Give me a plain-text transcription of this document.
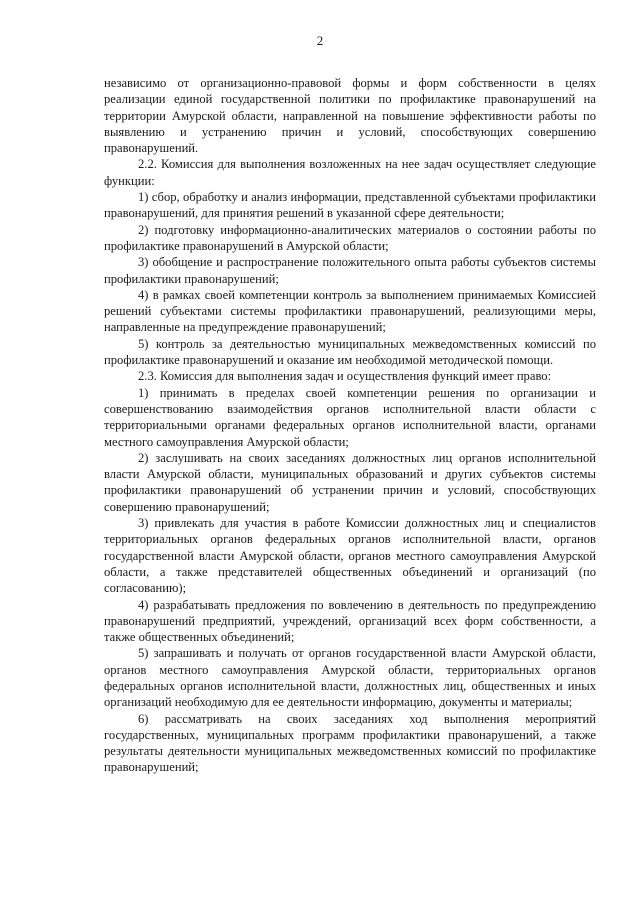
2

независимо от организационно-правовой формы и форм собственности в целях реализации единой государственной политики по профилактике правонарушений на территории Амурской области, направленной на повышение эффективности работы по выявлению и устранению причин и условий, способствующих совершению правонарушений.

2.2. Комиссия для выполнения возложенных на нее задач осуществляет следующие функции:

1) сбор, обработку и анализ информации, представленной субъектами профилактики правонарушений, для принятия решений в указанной сфере деятельности;

2) подготовку информационно-аналитических материалов о состоянии работы по профилактике правонарушений в Амурской области;

3) обобщение и распространение положительного опыта работы субъектов системы профилактики правонарушений;

4) в рамках своей компетенции контроль за выполнением принимаемых Комиссией решений субъектами системы профилактики правонарушений, реализующими меры, направленные на предупреждение правонарушений;

5) контроль за деятельностью муниципальных межведомственных комиссий по профилактике правонарушений и оказание им необходимой методической помощи.

2.3. Комиссия для выполнения задач и осуществления функций имеет право:

1) принимать в пределах своей компетенции решения по организации и совершенствованию взаимодействия органов исполнительной власти области с территориальными органами федеральных органов исполнительной власти, органами местного самоуправления Амурской области;

2) заслушивать на своих заседаниях должностных лиц органов исполнительной власти Амурской области, муниципальных образований и других субъектов системы профилактики правонарушений об устранении причин и условий, способствующих совершению правонарушений;

3) привлекать для участия в работе Комиссии должностных лиц и специалистов территориальных органов федеральных органов исполнительной власти, органов государственной власти Амурской области, органов местного самоуправления Амурской области, а также представителей общественных объединений и организаций (по согласованию);

4) разрабатывать предложения по вовлечению в деятельность по предупреждению правонарушений предприятий, учреждений, организаций всех форм собственности, а также общественных объединений;

5) запрашивать и получать от органов государственной власти Амурской области, органов местного самоуправления Амурской области, территориальных органов федеральных органов исполнительной власти, должностных лиц, общественных и иных организаций необходимую для ее деятельности информацию, документы и материалы;

6) рассматривать на своих заседаниях ход выполнения мероприятий государственных, муниципальных программ профилактики правонарушений, а также результаты деятельности муниципальных межведомственных комиссий по профилактике правонарушений;
